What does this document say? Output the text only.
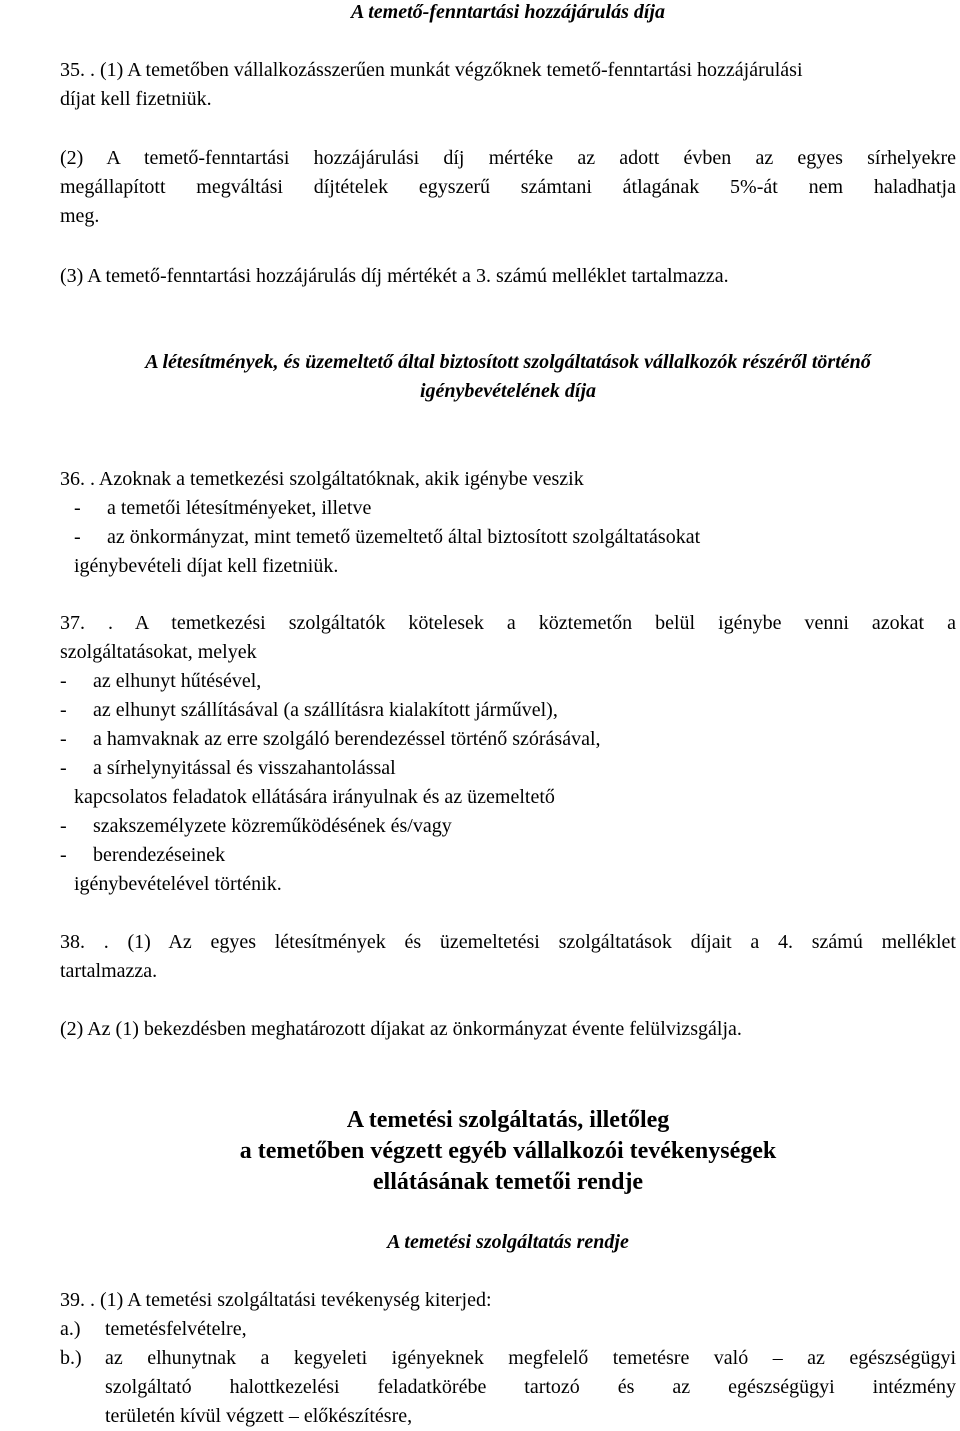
A temető-fenntartási hozzájárulás díja
35. . (1) A temetőben vállalkozásszerűen munkát végzőknek temető-fenntartási hozzájárulási
díjat kell fizetniük.
(2) A temető-fenntartási hozzájárulási díj mértéke az adott évben az egyes sírhelyekre
megállapított megváltási díjtételek egyszerű számtani átlagának 5%-át nem haladhatja
meg.
(3) A temető-fenntartási hozzájárulás díj mértékét a 3. számú melléklet tartalmazza.
A létesítmények, és üzemeltető által biztosított szolgáltatások vállalkozók részéről történő
igénybevételének díja
36. . Azoknak a temetkezési szolgáltatóknak, akik igénybe veszik
- a temetői létesítményeket, illetve
- az önkormányzat, mint temető üzemeltető által biztosított szolgáltatásokat
igénybevételi díjat kell fizetniük.
37. . A temetkezési szolgáltatók kötelesek a köztemetőn belül igénybe venni azokat a
szolgáltatásokat, melyek
- az elhunyt hűtésével,
- az elhunyt szállításával (a szállításra kialakított járművel),
- a hamvaknak az erre szolgáló berendezéssel történő szórásával,
- a sírhelynyitással és visszahantolással
kapcsolatos feladatok ellátására irányulnak és az üzemeltető
- szakszemélyzete közreműködésének és/vagy
- berendezéseinek
igénybevételével történik.
38. . (1) Az egyes létesítmények és üzemeltetési szolgáltatások díjait a 4. számú melléklet
tartalmazza.
(2) Az (1) bekezdésben meghatározott díjakat az önkormányzat évente felülvizsgálja.
A temetési szolgáltatás, illetőleg
a temetőben végzett egyéb vállalkozói tevékenységek
ellátásának temetői rendje
A temetési szolgáltatás rendje
39. . (1) A temetési szolgáltatási tevékenység kiterjed:
a.) temetésfelvételre,
b.)	az elhunytnak a kegyeleti igényeknek megfelelő temetésre való – az egészségügyi
szolgáltató halottkezelési feladatkörébe tartozó és az egészségügyi intézmény
területén kívül végzett – előkészítésre,
